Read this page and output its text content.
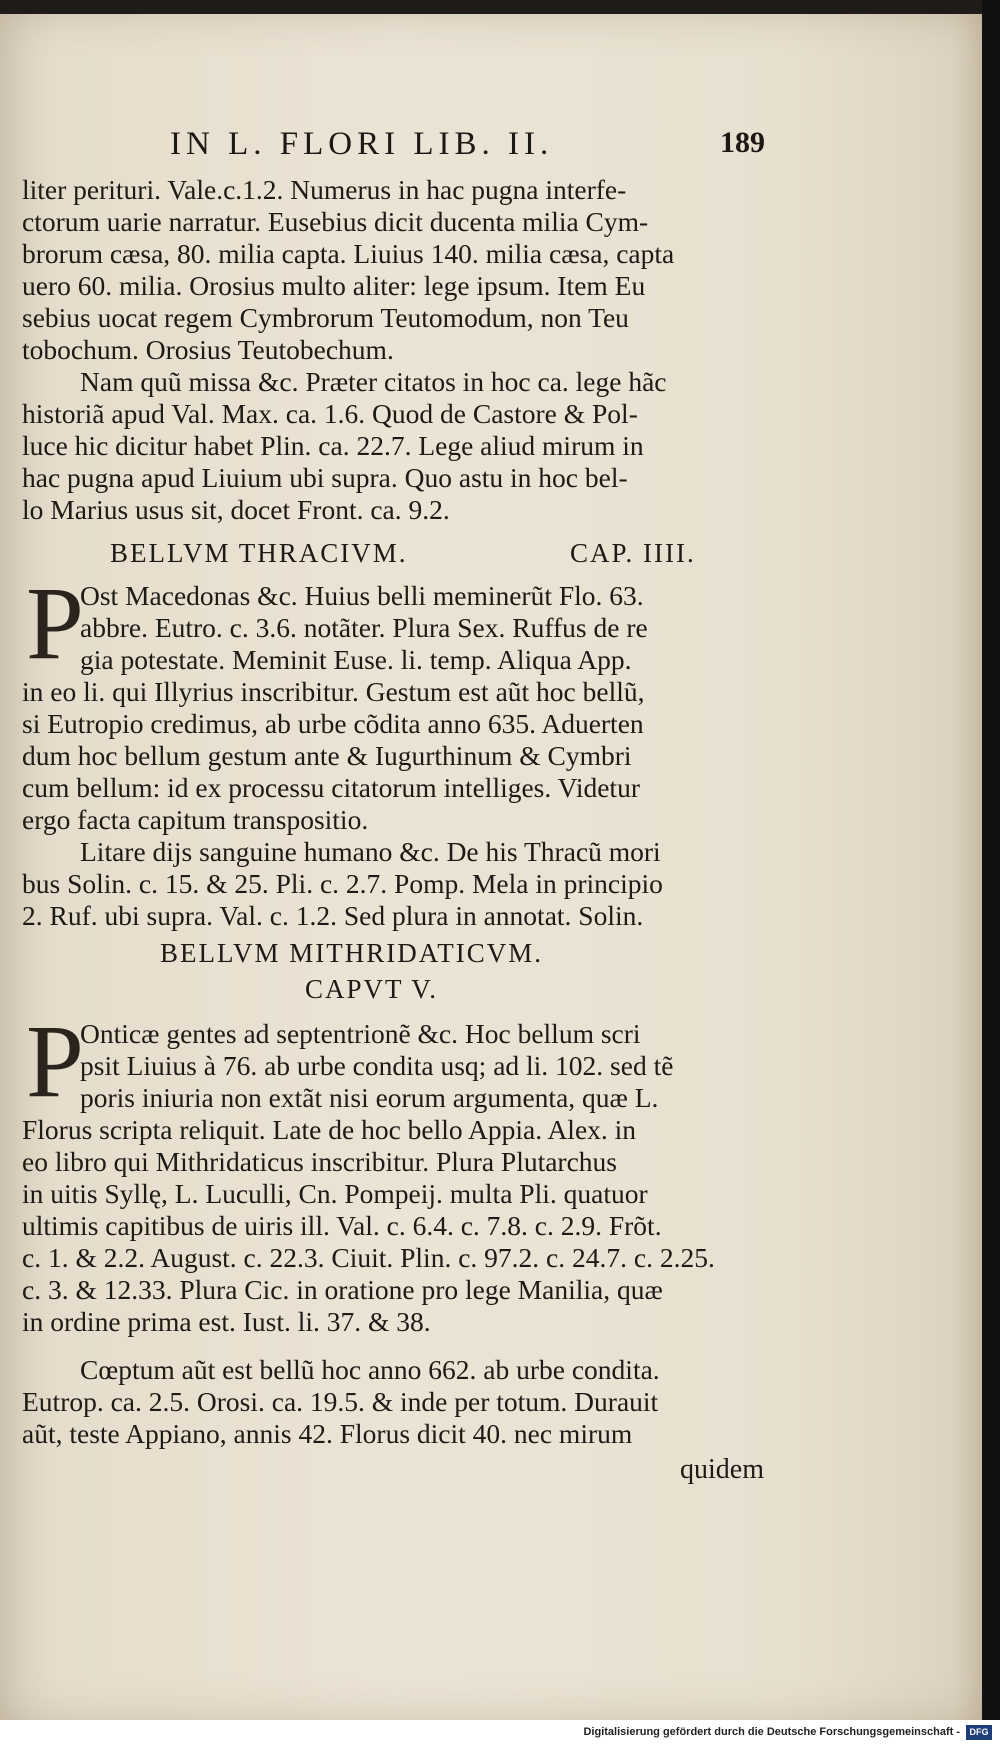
IN L. FLORI LIB. II.	189
liter perituri. Vale.c.1.2. Numerus in hac pugna interfe-
ctorum uarie narratur. Eusebius dicit ducenta milia Cym-
brorum cæsa, 80. milia capta. Liuius 140. milia cæsa, capta
uero 60. milia. Orosius multo aliter: lege ipsum. Item Eu
sebius uocat regem Cymbrorum Teutomodum, non Teu
tobochum. Orosius Teutobechum.
Nam quũ missa &c. Præter citatos in hoc ca. lege hãc
historiã apud Val. Max. ca. 1.6. Quod de Castore & Pol-
luce hic dicitur habet Plin. ca. 22.7. Lege aliud mirum in
hac pugna apud Liuium ubi supra. Quo astu in hoc bel-
lo Marius usus sit, docet Front. ca. 9.2.
BELLVM THRACIVM.	CAP. IIII.
P
Ost Macedonas &c. Huius belli meminerũt Flo. 63.
abbre. Eutro. c. 3.6. notãter. Plura Sex. Ruffus de re
gia potestate. Meminit Euse. li. temp. Aliqua App.
in eo li. qui Illyrius inscribitur. Gestum est aũt hoc bellũ,
si Eutropio credimus, ab urbe cõdita anno 635. Aduerten
dum hoc bellum gestum ante & Iugurthinum & Cymbri
cum bellum: id ex processu citatorum intelliges. Videtur
ergo facta capitum transpositio.
Litare dijs sanguine humano &c. De his Thracũ mori
bus Solin. c. 15. & 25. Pli. c. 2.7. Pomp. Mela in principio
2. Ruf. ubi supra. Val. c. 1.2. Sed plura in annotat. Solin.
BELLVM MITHRIDATICVM.
CAPVT V.
P
Onticæ gentes ad septentrionẽ &c. Hoc bellum scri
psit Liuius à 76. ab urbe condita usq; ad li. 102. sed tẽ
poris iniuria non extãt nisi eorum argumenta, quæ L.
Florus scripta reliquit. Late de hoc bello Appia. Alex. in
eo libro qui Mithridaticus inscribitur. Plura Plutarchus
in uitis Syllę, L. Luculli, Cn. Pompeij. multa Pli. quatuor
ultimis capitibus de uiris ill. Val. c. 6.4. c. 7.8. c. 2.9. Frõt.
c. 1. & 2.2. August. c. 22.3. Ciuit. Plin. c. 97.2. c. 24.7. c. 2.25.
c. 3. & 12.33. Plura Cic. in oratione pro lege Manilia, quæ
in ordine prima est. Iust. li. 37. & 38.
Cœptum aũt est bellũ hoc anno 662. ab urbe condita.
Eutrop. ca. 2.5. Orosi. ca. 19.5. & inde per totum. Durauit
aũt, teste Appiano, annis 42. Florus dicit 40. nec mirum
quidem
Digitalisierung gefördert durch die Deutsche Forschungsgemeinschaft -	DFG
